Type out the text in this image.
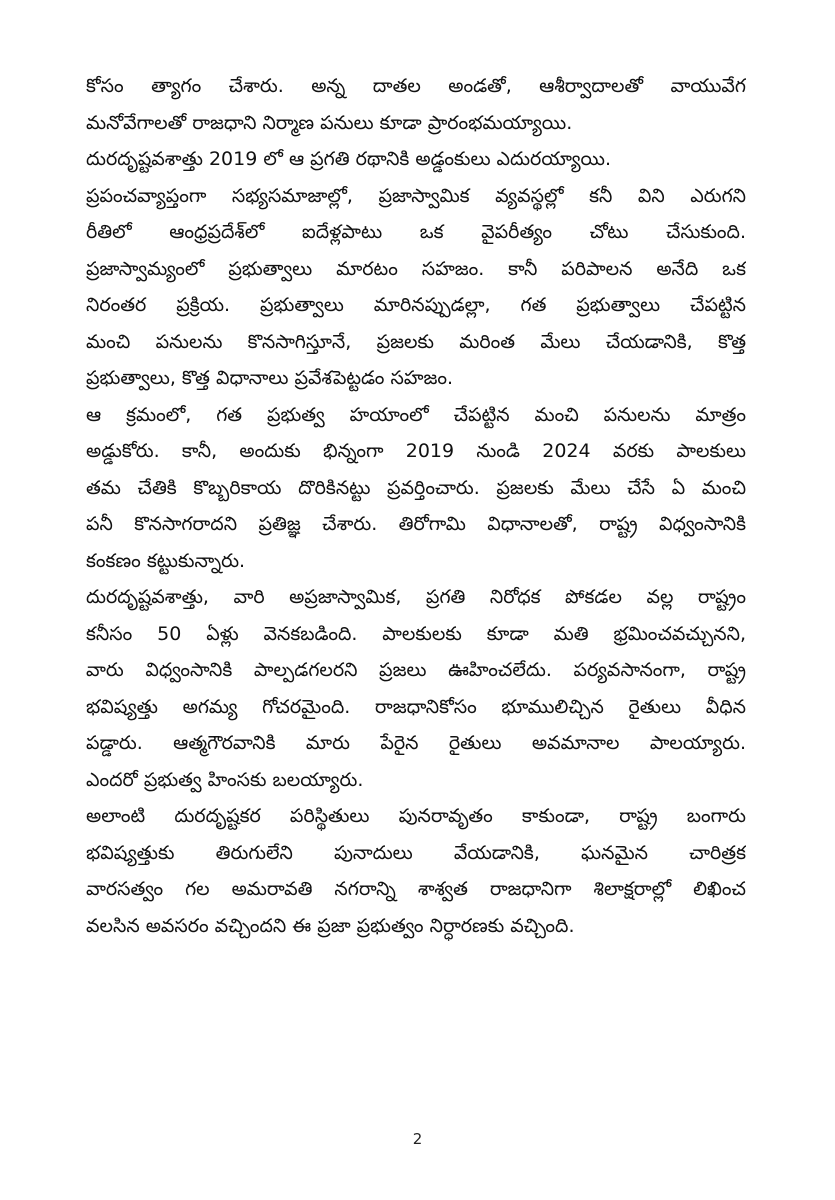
కోసం త్యాగం చేశారు. అన్న దాతల అండతో, ఆశీర్వాదాలతో వాయువేగ
మనోవేగాలతో రాజధాని నిర్మాణ పనులు కూడా ప్రారంభమయ్యాయి.
దురదృష్టవశాత్తు 2019 లో ఆ ప్రగతి రథానికి అడ్డంకులు ఎదురయ్యాయి.
ప్రపంచవ్యాప్తంగా సభ్యసమాజాల్లో, ప్రజాస్వామిక వ్యవస్థల్లో కనీ విని ఎరుగని
రీతిలో ఆంధ్రప్రదేశ్‌లో ఐదేళ్లపాటు ఒక వైపరీత్యం చోటు చేసుకుంది.
ప్రజాస్వామ్యంలో ప్రభుత్వాలు మారటం సహజం. కానీ పరిపాలన అనేది ఒక
నిరంతర ప్రక్రియ. ప్రభుత్వాలు మారినప్పుడల్లా, గత ప్రభుత్వాలు చేపట్టిన
మంచి పనులను కొనసాగిస్తూనే, ప్రజలకు మరింత మేలు చేయడానికి, కొత్త
ప్రభుత్వాలు, కొత్త విధానాలు ప్రవేశపెట్టడం సహజం.
ఆ క్రమంలో, గత ప్రభుత్వ హయాంలో చేపట్టిన మంచి పనులను మాత్రం
అడ్డుకోరు. కానీ, అందుకు భిన్నంగా 2019 నుండి 2024 వరకు పాలకులు
తమ చేతికి కొబ్బరికాయ దొరికినట్టు ప్రవర్తించారు. ప్రజలకు మేలు చేసే ఏ మంచి
పనీ కొనసాగరాదని ప్రతిజ్ఞ చేశారు. తిరోగామి విధానాలతో, రాష్ట్ర విధ్వంసానికి
కంకణం కట్టుకున్నారు.
దురదృష్టవశాత్తు, వారి అప్రజాస్వామిక, ప్రగతి నిరోధక పోకడల వల్ల రాష్ట్రం
కనీసం 50 ఏళ్లు వెనకబడింది. పాలకులకు కూడా మతి భ్రమించవచ్చునని,
వారు విధ్వంసానికి పాల్పడగలరని ప్రజలు ఊహించలేదు. పర్యవసానంగా, రాష్ట్ర
భవిష్యత్తు అగమ్య గోచరమైంది. రాజధానికోసం భూములిచ్చిన రైతులు వీధిన
పడ్డారు. ఆత్మగౌరవానికి మారు పేరైన రైతులు అవమానాల పాలయ్యారు.
ఎందరో ప్రభుత్వ హింసకు బలయ్యారు.
అలాంటి దురదృష్టకర పరిస్థితులు పునరావృతం కాకుండా, రాష్ట్ర బంగారు
భవిష్యత్తుకు తిరుగులేని పునాదులు వేయడానికి, ఘనమైన చారిత్రక
వారసత్వం గల అమరావతి నగరాన్ని శాశ్వత రాజధానిగా శిలాక్షరాల్లో లిఖించ
వలసిన అవసరం వచ్చిందని ఈ ప్రజా ప్రభుత్వం నిర్ధారణకు వచ్చింది.
2
